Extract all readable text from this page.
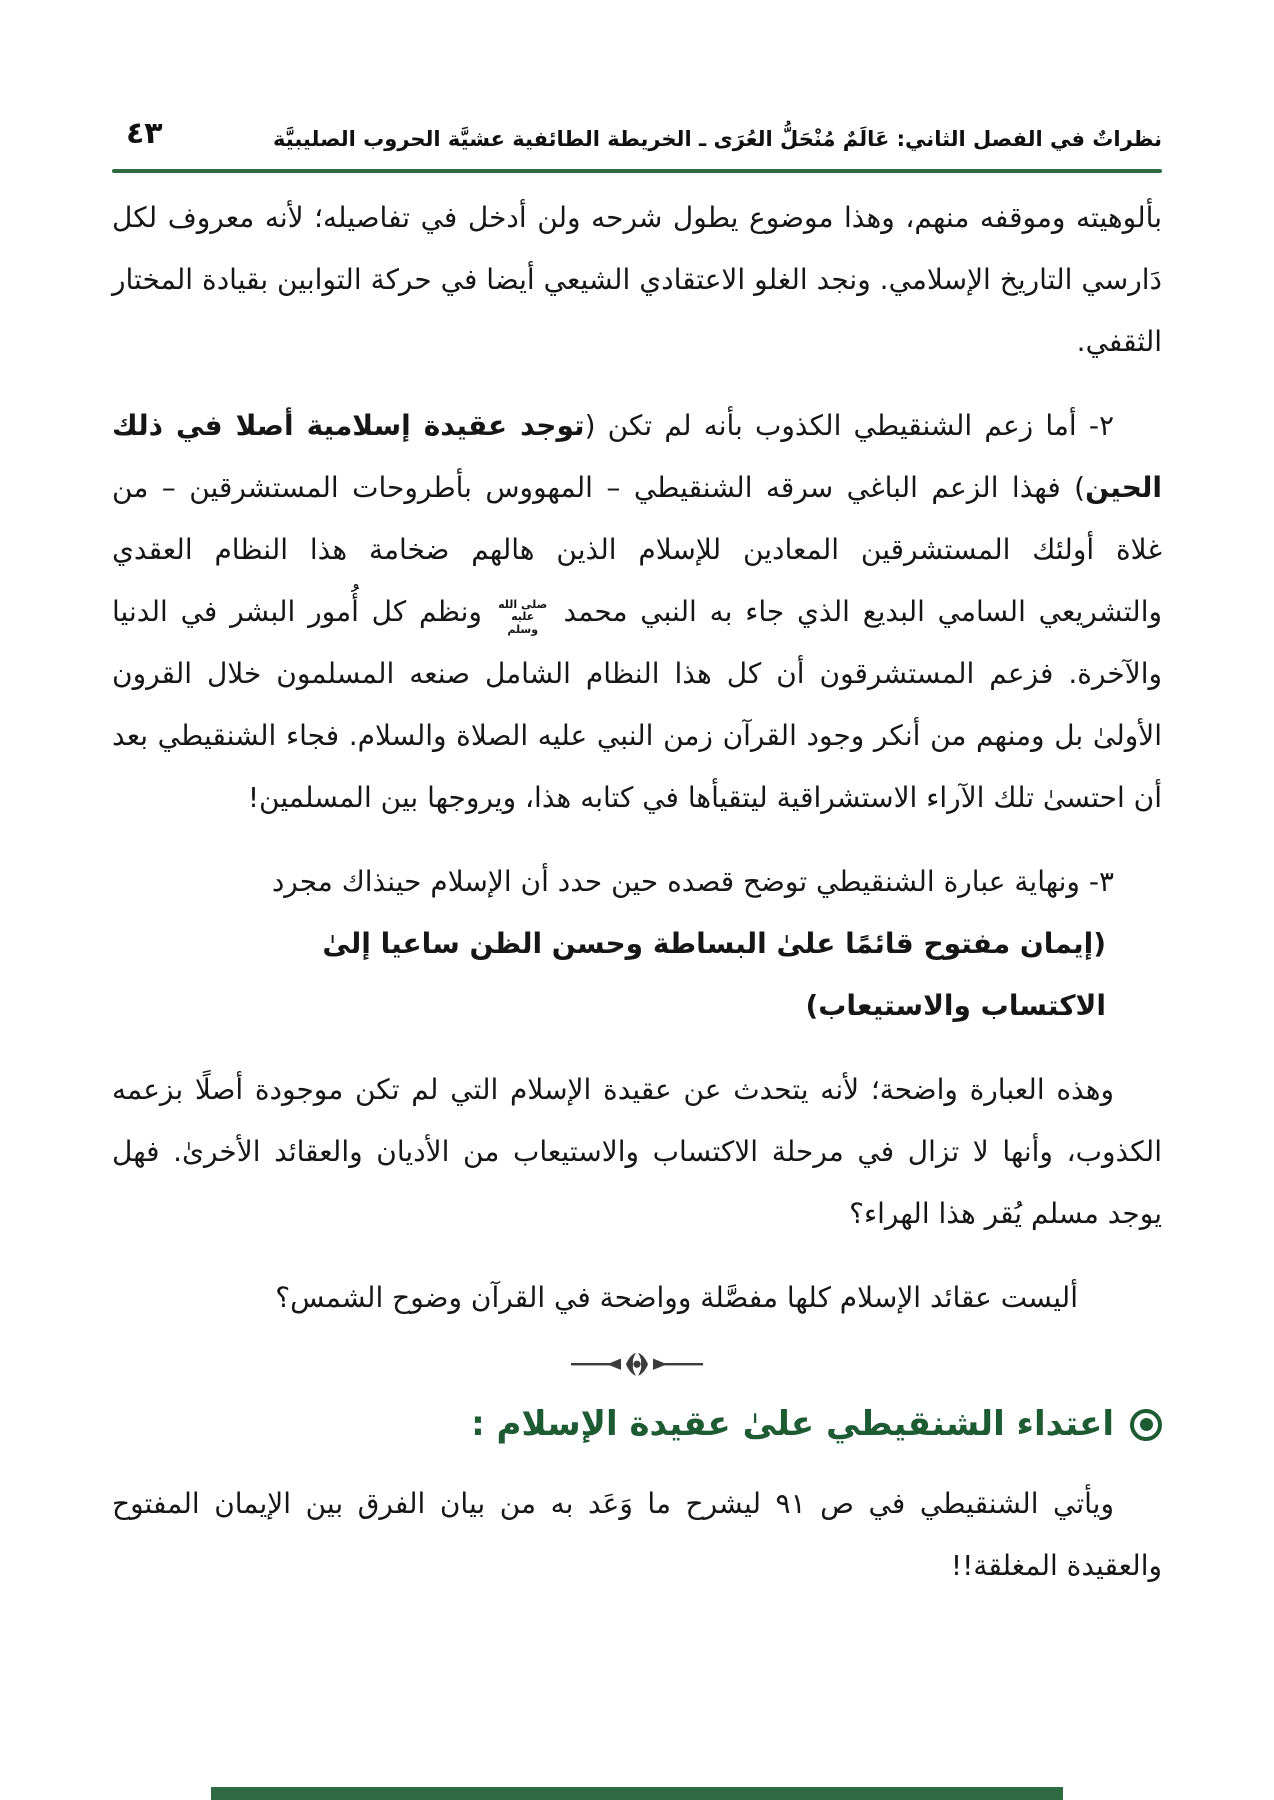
نظراتٌ في الفصل الثاني: عَالَمٌ مُنْحَلُّ العُرَى ـ الخريطة الطائفية عشيَّة الحروب الصليبيَّة
٤٣

بألوهيته وموقفه منهم، وهذا موضوع يطول شرحه ولن أدخل في تفاصيله؛ لأنه معروف لكل دَارسي التاريخ الإسلامي. ونجد الغلو الاعتقادي الشيعي أيضا في حركة التوابين بقيادة المختار الثقفي.

٢- أما زعم الشنقيطي الكذوب بأنه لم تكن (توجد عقيدة إسلامية أصلا في ذلك الحين) فهذا الزعم الباغي سرقه الشنقيطي – المهووس بأطروحات المستشرقين – من غلاة أولئك المستشرقين المعادين للإسلام الذين هالهم ضخامة هذا النظام العقدي والتشريعي السامي البديع الذي جاء به النبي محمد صلى الله عليه وسلم ونظم كل أُمور البشر في الدنيا والآخرة. فزعم المستشرقون أن كل هذا النظام الشامل صنعه المسلمون خلال القرون الأولىٰ بل ومنهم من أنكر وجود القرآن زمن النبي عليه الصلاة والسلام. فجاء الشنقيطي بعد أن احتسىٰ تلك الآراء الاستشراقية ليتقيأها في كتابه هذا، ويروجها بين المسلمين!

٣- ونهاية عبارة الشنقيطي توضح قصده حين حدد أن الإسلام حينذاك مجرد

(إيمان مفتوح قائمًا علىٰ البساطة وحسن الظن ساعيا إلىٰ الاكتساب والاستيعاب)

وهذه العبارة واضحة؛ لأنه يتحدث عن عقيدة الإسلام التي لم تكن موجودة أصلًا بزعمه الكذوب، وأنها لا تزال في مرحلة الاكتساب والاستيعاب من الأديان والعقائد الأخرىٰ. فهل يوجد مسلم يُقر هذا الهراء؟

أليست عقائد الإسلام كلها مفصَّلة وواضحة في القرآن وضوح الشمس؟

اعتداء الشنقيطي علىٰ عقيدة الإسلام :

ويأتي الشنقيطي في ص ٩١ ليشرح ما وَعَد به من بيان الفرق بين الإيمان المفتوح والعقيدة المغلقة!!
